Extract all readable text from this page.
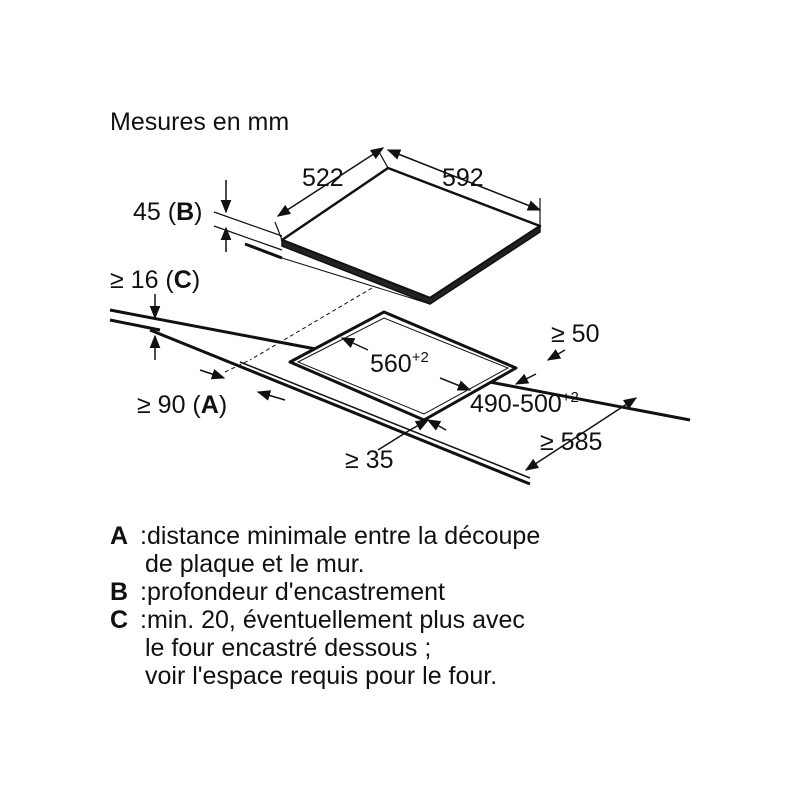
Mesures en mm
522	592
45 (B)
$560^{+2}$
$490-500^{+2}$
≥ 50
≥ 585
≥ 35
≥ 16 (C)
≥ 90 (A)
A :distance minimale entre la découpe
de plaque et le mur.
B :profondeur d'encastrement
C :min. 20, éventuellement plus avec
le four encastré dessous ;
voir l'espace requis pour le four.
